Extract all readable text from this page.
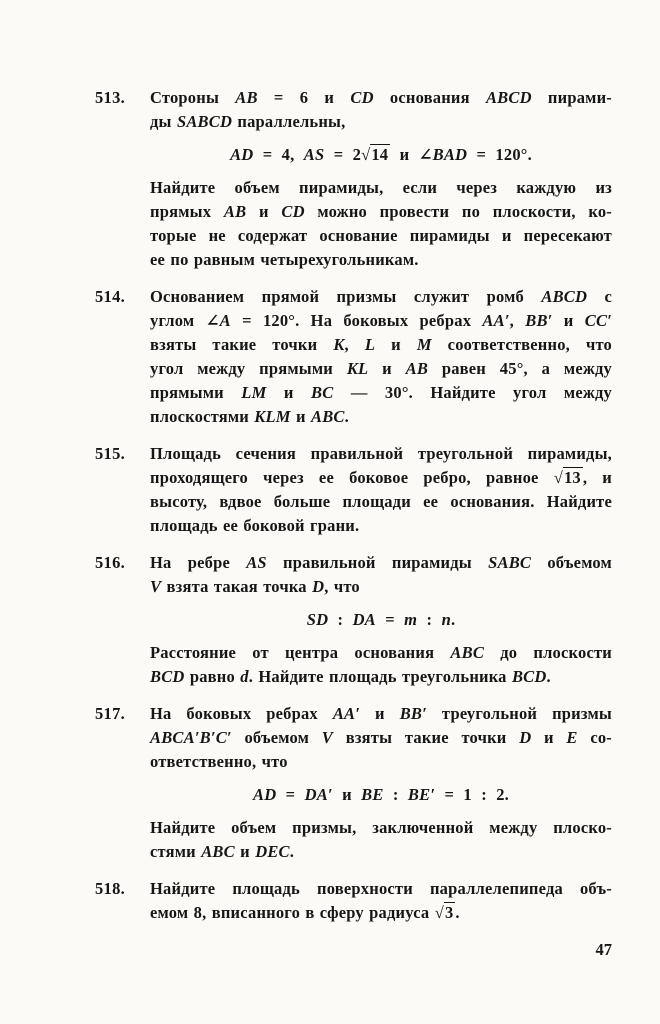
513.	Стороны AB = 6 и CD основания ABCD пирами-
ды SABCD параллельны,
AD = 4, AS = 2√14 и ∠BAD = 120°.
Найдите объем пирамиды, если через каждую из
прямых AB и CD можно провести по плоскости, ко-
торые не содержат основание пирамиды и пересекают
ее по равным четырехугольникам.
514.	Основанием прямой призмы служит ромб ABCD с
углом ∠A = 120°. На боковых ребрах AA′, BB′ и CC′
взяты такие точки K, L и M соответственно, что
угол между прямыми KL и AB равен 45°, а между
прямыми LM и BC — 30°. Найдите угол между
плоскостями KLM и ABC.
515.	Площадь сечения правильной треугольной пирамиды,
проходящего через ее боковое ребро, равное √13 , и
высоту, вдвое больше площади ее основания. Найдите
площадь ее боковой грани.
516.	На ребре AS правильной пирамиды SABC объемом
V взята такая точка D, что
SD : DA = m : n.
Расстояние от центра основания ABC до плоскости
BCD равно d. Найдите площадь треугольника BCD.
517.	На боковых ребрах AA′ и BB′ треугольной призмы
ABCA′B′C′ объемом V взяты такие точки D и E со-
ответственно, что
AD = DA′ и BE : BE′ = 1 : 2.
Найдите объем призмы, заключенной между плоско-
стями ABC и DEC.
518.	Найдите площадь поверхности параллелепипеда объ-
емом 8, вписанного в сферу радиуса √3 .
47
